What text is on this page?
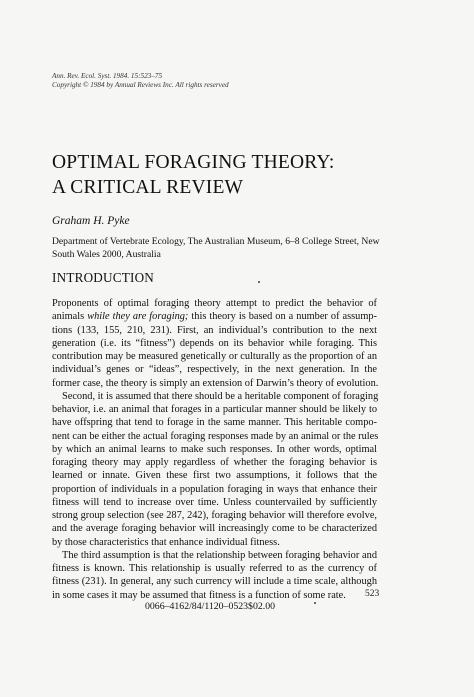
Ann. Rev. Ecol. Syst. 1984. 15:523–75
Copyright © 1984 by Annual Reviews Inc. All rights reserved
OPTIMAL FORAGING THEORY:
A CRITICAL REVIEW
Graham H. Pyke
Department of Vertebrate Ecology, The Australian Museum, 6–8 College Street, New
South Wales 2000, Australia
INTRODUCTION
Proponents of optimal foraging theory attempt to predict the behavior of
animals while they are foraging; this theory is based on a number of assump-
tions (133, 155, 210, 231). First, an individual’s contribution to the next
generation (i.e. its “fitness”) depends on its behavior while foraging. This
contribution may be measured genetically or culturally as the proportion of an
individual’s genes or “ideas”, respectively, in the next generation. In the
former case, the theory is simply an extension of Darwin’s theory of evolution.
Second, it is assumed that there should be a heritable component of foraging
behavior, i.e. an animal that forages in a particular manner should be likely to
have offspring that tend to forage in the same manner. This heritable compo-
nent can be either the actual foraging responses made by an animal or the rules
by which an animal learns to make such responses. In other words, optimal
foraging theory may apply regardless of whether the foraging behavior is
learned or innate. Given these first two assumptions, it follows that the
proportion of individuals in a population foraging in ways that enhance their
fitness will tend to increase over time. Unless countervailed by sufficiently
strong group selection (see 287, 242), foraging behavior will therefore evolve,
and the average foraging behavior will increasingly come to be characterized
by those characteristics that enhance individual fitness.
The third assumption is that the relationship between foraging behavior and
fitness is known. This relationship is usually referred to as the currency of
fitness (231). In general, any such currency will include a time scale, although
in some cases it may be assumed that fitness is a function of some rate.	523
0066–4162/84/1120–0523$02.00
